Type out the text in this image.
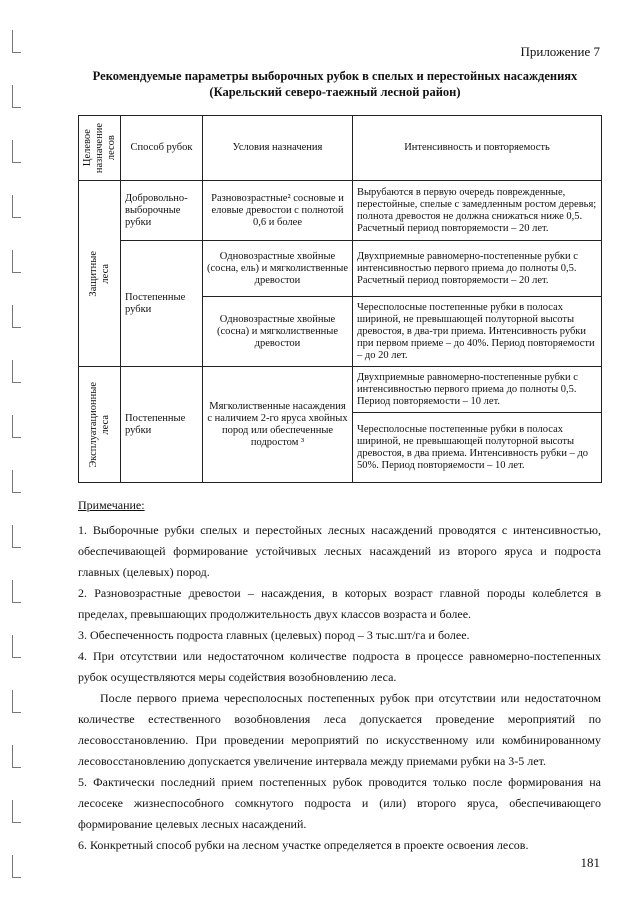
Приложение 7
Рекомендуемые параметры выборочных рубок в спелых и перестойных насаждениях
(Карельский северо-таежный лесной район)
Целевое назначение лесов	Способ рубок	Условия назначения	Интенсивность и повторяемость

Защитные леса	Добровольно-выборочные рубки	Разновозрастные² сосновые и еловые древостои с полнотой 0,6 и более	Вырубаются в первую очередь поврежденные, перестойные, спелые с замедленным ростом деревья; полнота древостоя не должна снижаться ниже 0,5. Расчетный период повторяемости – 20 лет.
	Постепенные рубки	Одновозрастные хвойные (сосна, ель) и мягколиственные древостои	Двухприемные равномерно-постепенные рубки с интенсивностью первого приема до полноты 0,5. Расчетный период повторяемости – 20 лет.
		Одновозрастные хвойные (сосна) и мягколиственные древостои	Чересполосные постепенные рубки в полосах шириной, не превышающей полуторной высоты древостоя, в два-три приема. Интенсивность рубки при первом приеме – до 40%. Период повторяемости – до 20 лет.

Эксплуатационные леса	Постепенные рубки	Мягколиственные насаждения с наличием 2-го яруса хвойных пород или обеспеченные подростом ³	Двухприемные равномерно-постепенные рубки с интенсивностью первого приема до полноты 0,5. Период повторяемости – 10 лет.
			Чересполосные постепенные рубки в полосах шириной, не превышающей полуторной высоты древостоя, в два приема. Интенсивность рубки – до 50%. Период повторяемости – 10 лет.

Примечание:

1. Выборочные рубки спелых и перестойных лесных насаждений проводятся с интенсивностью, обеспечивающей формирование устойчивых лесных насаждений из второго яруса и подроста главных (целевых) пород.

2. Разновозрастные древостои – насаждения, в которых возраст главной породы колеблется в пределах, превышающих продолжительность двух классов возраста и более.

3. Обеспеченность подроста главных (целевых) пород – 3 тыс.шт/га и более.

4. При отсутствии или недостаточном количестве подроста в процессе равномерно-постепенных рубок осуществляются меры содействия возобновлению леса.

После первого приема чересполосных постепенных рубок при отсутствии или недостаточном количестве естественного возобновления леса допускается проведение мероприятий по лесовосстановлению. При проведении мероприятий по искусственному или комбинированному лесовосстановлению допускается увеличение интервала между приемами рубки на 3-5 лет.

5. Фактически последний прием постепенных рубок проводится только после формирования на лесосеке жизнеспособного сомкнутого подроста и (или) второго яруса, обеспечивающего формирование целевых лесных насаждений.

6. Конкретный способ рубки на лесном участке определяется в проекте освоения лесов.

181
